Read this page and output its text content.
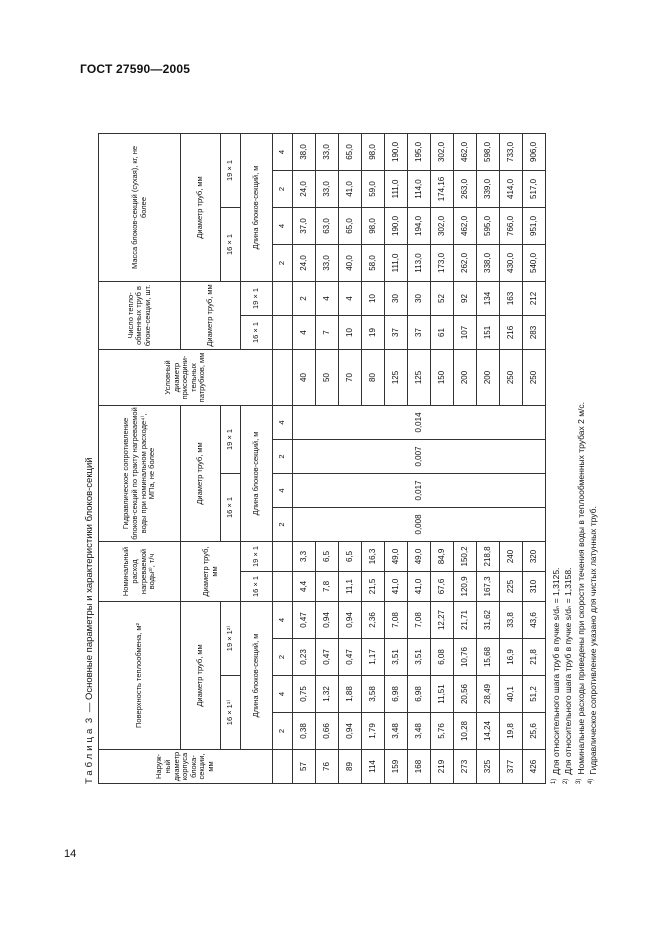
ГОСТ 27590—2005
Таблица 3 — Основные параметры и характеристики блоков-секций
Наруж-ный диаметр корпуса блока-секции, мм	Поверхность теплообмена, м²				Номинальный расход нагреваемой воды³⁾, т/ч		Гидравлическое сопротивление блоков-секций по тракту нагреваемой воды при номинальном расходе⁴⁾, МПа, не более				Условный диаметр присоедини-тельных патрубков, мм	Число тепло-обменных труб в блоке-секции, шт.		Масса блоков-секций (сухая), кг, не более			
	Диаметр труб, мм				Диаметр труб, мм		Диаметр труб, мм					Диаметр труб, мм		Диаметр труб, мм			
	16 × 1¹⁾		19 × 1²⁾				16 × 1		19 × 1					16 × 1		19 × 1	
	Длина блоков-секций, м				16 × 1	19 × 1	Длина блоков-секций, м					16 × 1	19 × 1	Длина блоков-секций, м			
	2	4	2	4			2	4	2	4				2	4	2	4
57	0,38	0,75	0,23	0,47	4,4	3,3					40	4	2	24,0	37,0	24,0	38,0
76	0,66	1,32	0,47	0,94	7,8	6,5					50	7	4	33,0	63,0	33,0	33,0
89	0,94	1,88	0,47	0,94	11,1	6,5					70	10	4	40,0	65,0	41,0	65,0
114	1,79	3,58	1,17	2,36	21,5	16,3					80	19	10	58,0	98,0	59,0	98,0
159	3,48	6,98	3,51	7,08	41,0	49,0					125	37	30	111,0	190,0	111,0	190,0
168	3,48	6,98	3,51	7,08	41,0	49,0	0,008	0,017	0,007	0,014	125	37	30	113,0	194,0	114,0	195,0
219	5,76	11,51	6,08	12,27	67,6	84,9					150	61	52	173,0	302,0	174,16	302,0
273	10,28	20,56	10,76	21,71	120,9	150,2					200	107	92	262,0	462,0	263,0	462,0
325	14,24	28,49	15,68	31,62	167,3	218,8					200	151	134	338,0	595,0	339,0	598,0
377	19,8	40,1	16,9	33,8	225	240					250	216	163	430,0	766,0	414,0	733,0
426	25,6	51,2	21,8	43,6	310	320					250	283	212	540,0	951,0	517,0	906,0
$^{1)}$Для относительного шага труб в пучке s/dₙ = 1,3125.
$^{2)}$Для относительного шага труб в пучке s/dₙ = 1,3158.
$^{3)}$Номинальные расходы приведены при скорости течения воды в теплообменных трубах 2 м/с.
$^{4)}$Гидравлическое сопротивление указано для чистых латунных труб.
14
